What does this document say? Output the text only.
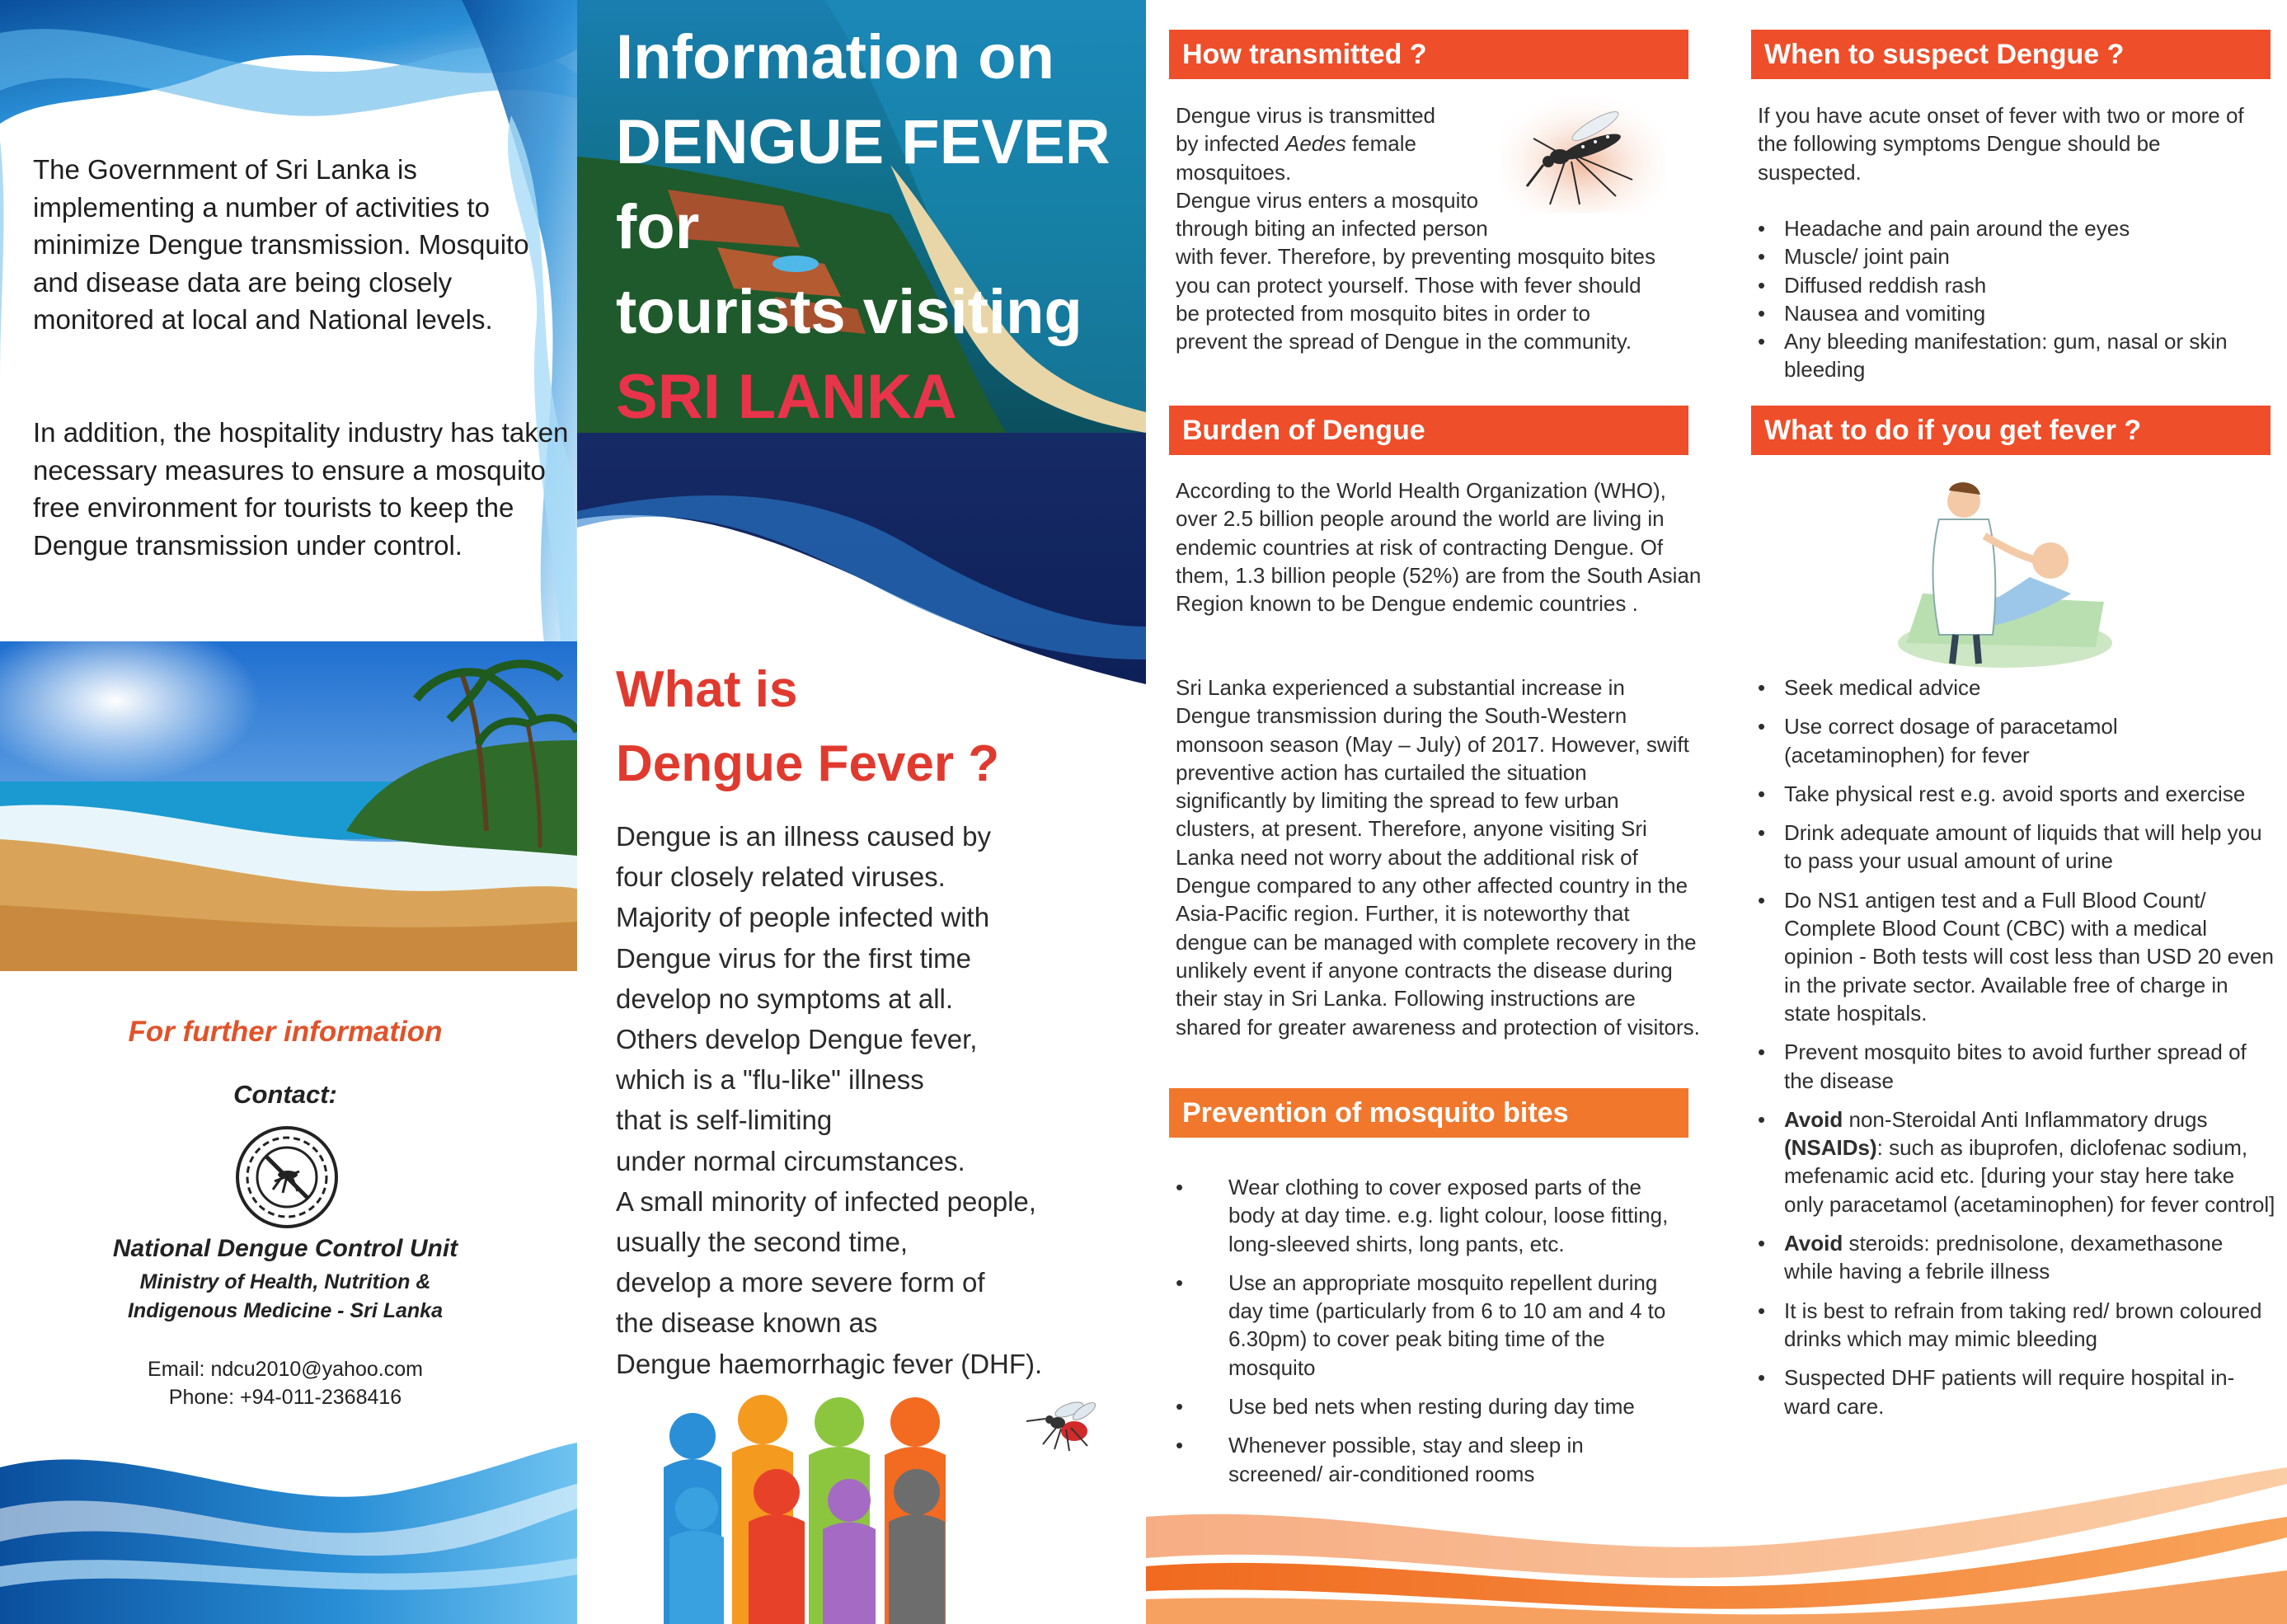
The Government of Sri Lanka is implementing a number of activities to minimize Dengue transmission. Mosquito and disease data are being closely monitored at local and National levels.
In addition, the hospitality industry has taken necessary measures to ensure a mosquito free environment for tourists to keep the Dengue transmission under control.
For further information
Contact:
National Dengue Control Unit
Ministry of Health, Nutrition &
Indigenous Medicine - Sri Lanka
Email: ndcu2010@yahoo.com
Phone: +94-011-2368416
Information on
DENGUE FEVER
for
tourists visiting
SRI LANKA
What is
Dengue Fever ?
Dengue is an illness caused by
four closely related viruses.
Majority of people infected with
Dengue virus for the first time
develop no symptoms at all.
Others develop Dengue fever,
which is a "flu-like" illness
that is self-limiting
under normal circumstances.
A small minority of infected people,
usually the second time,
develop a more severe form of
the disease known as
Dengue haemorrhagic fever (DHF).
How transmitted ?
Dengue virus is transmitted
by infected Aedes female
mosquitoes.
Dengue virus enters a mosquito
through biting an infected person
with fever. Therefore, by preventing mosquito bites
you can protect yourself. Those with fever should
be protected from mosquito bites in order to
prevent the spread of Dengue in the community.
Burden of Dengue
According to the World Health Organization (WHO), over 2.5 billion people around the world are living in endemic countries at risk of contracting Dengue. Of them, 1.3 billion people (52%) are from the South Asian Region known to be Dengue endemic countries .
Sri Lanka experienced a substantial increase in Dengue transmission during the South-Western monsoon season (May – July) of 2017. However, swift preventive action has curtailed the situation significantly by limiting the spread to few urban clusters, at present. Therefore, anyone visiting Sri Lanka need not worry about the additional risk of Dengue compared to any other affected country in the Asia-Pacific region. Further, it is noteworthy that dengue can be managed with complete recovery in the unlikely event if anyone contracts the disease during their stay in Sri Lanka. Following instructions are shared for greater awareness and protection of visitors.
Prevention of mosquito bites
• Wear clothing to cover exposed parts of the body at day time. e.g. light colour, loose fitting, long-sleeved shirts, long pants, etc.
• Use an appropriate mosquito repellent during day time (particularly from 6 to 10 am and 4 to 6.30pm) to cover peak biting time of the mosquito
• Use bed nets when resting during day time
• Whenever possible, stay and sleep in screened/ air-conditioned rooms
When to suspect Dengue ?
If you have acute onset of fever with two or more of the following symptoms Dengue should be suspected.
• Headache and pain around the eyes
• Muscle/ joint pain
• Diffused reddish rash
• Nausea and vomiting
• Any bleeding manifestation: gum, nasal or skin bleeding
What to do if you get fever ?
• Seek medical advice
• Use correct dosage of paracetamol (acetaminophen) for fever
• Take physical rest e.g. avoid sports and exercise
• Drink adequate amount of liquids that will help you to pass your usual amount of urine
• Do NS1 antigen test and a Full Blood Count/ Complete Blood Count (CBC) with a medical opinion - Both tests will cost less than USD 20 even in the private sector. Available free of charge in state hospitals.
• Prevent mosquito bites to avoid further spread of the disease
• Avoid non-Steroidal Anti Inflammatory drugs (NSAIDs): such as ibuprofen, diclofenac sodium, mefenamic acid etc. [during your stay here take only paracetamol (acetaminophen) for fever control]
• Avoid steroids: prednisolone, dexamethasone while having a febrile illness
• It is best to refrain from taking red/ brown coloured drinks which may mimic bleeding
• Suspected DHF patients will require hospital in-ward care.
